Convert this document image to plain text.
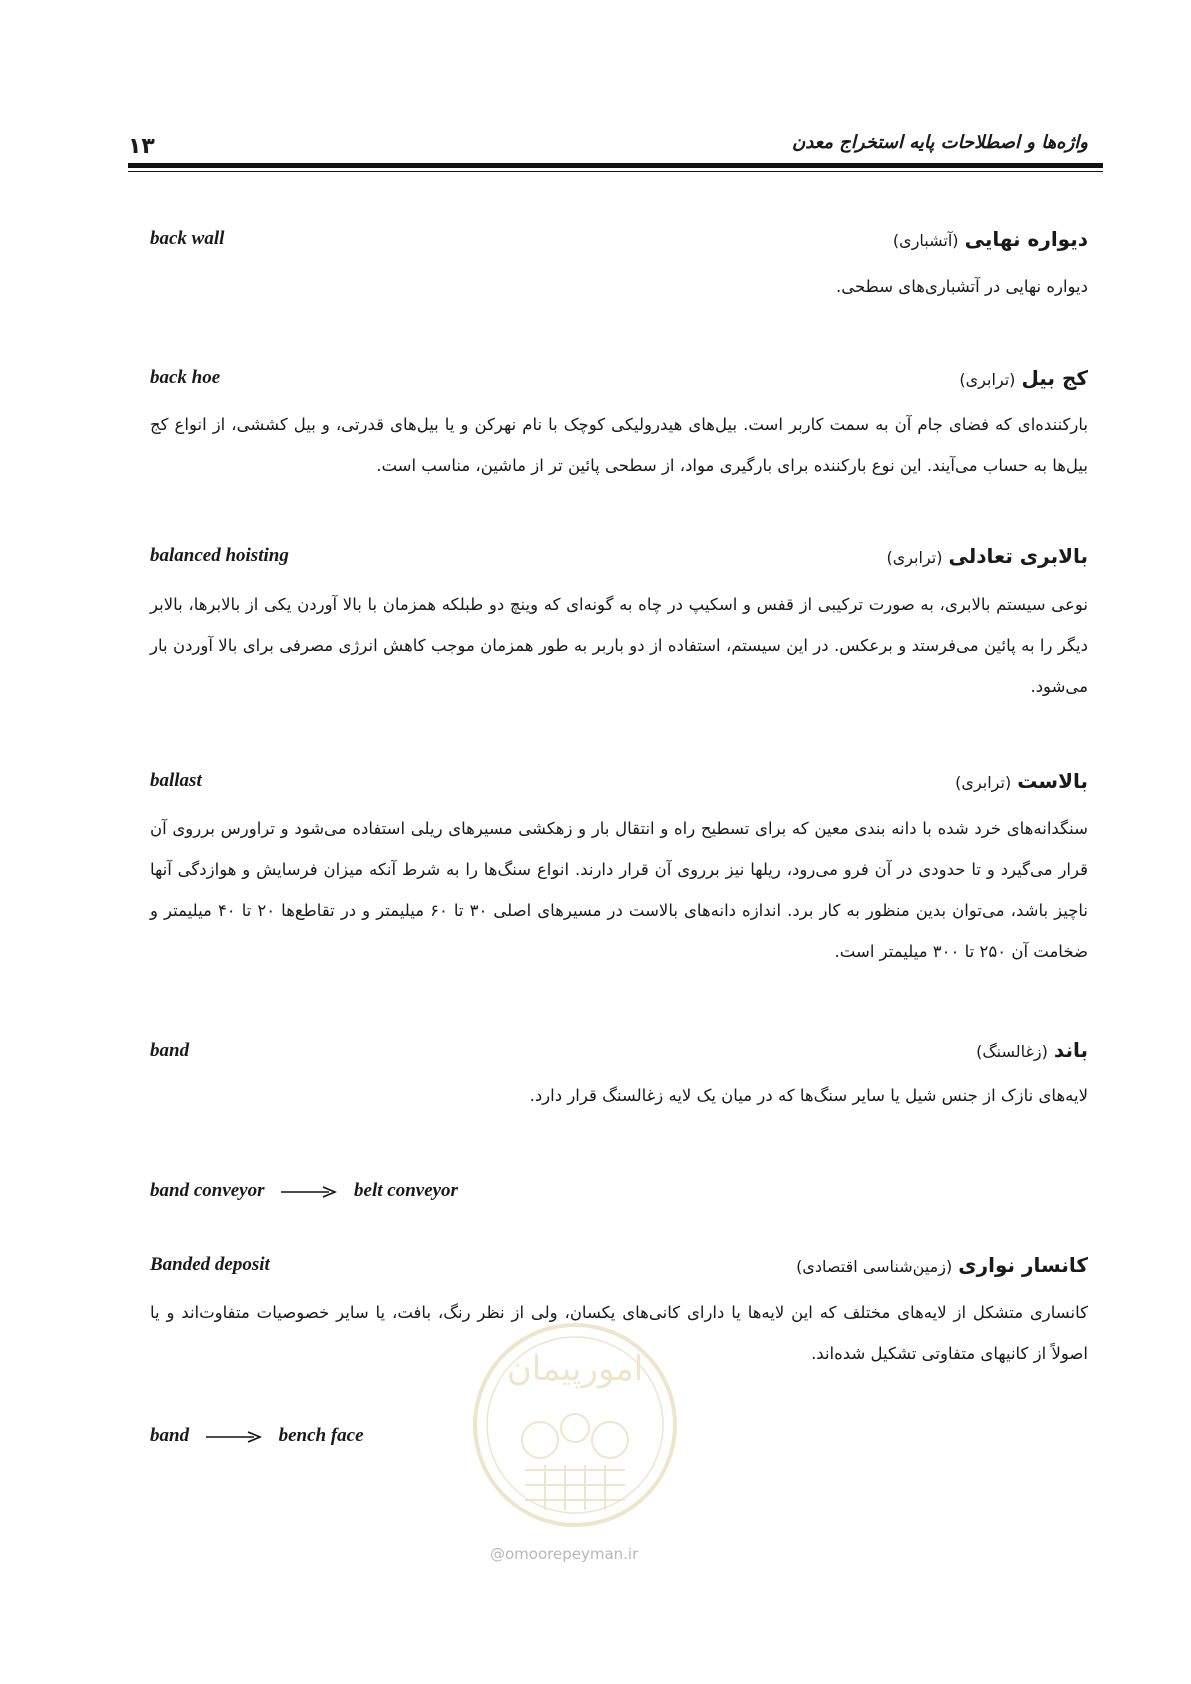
واژه‌ها و اصطلاحات پایه استخراج معدن
۱۳
back wall	دیواره نهایی (آتشباری)
دیواره نهایی در آتشباری‌های سطحی.
back hoe	کج بیل (ترابری)
بارکننده‌ای که فضای جام آن به سمت کاربر است. بیل‌های هیدرولیکی کوچک با نام نهرکن و یا بیل‌های قدرتی، و بیل کششی، از انواع کج بیل‌ها به حساب می‌آیند. این نوع بارکننده برای بارگیری مواد، از سطحی پائین تر از ماشین، مناسب است.
balanced hoisting	بالابری تعادلی (ترابری)
نوعی سیستم بالابری، به صورت ترکیبی از قفس و اسکیپ در چاه به گونه‌ای که وینچ دو طبلکه همزمان با بالا آوردن یکی از بالابرها، بالابر دیگر را به پائین می‌فرستد و برعکس. در این سیستم، استفاده از دو باربر به طور همزمان موجب کاهش انرژی مصرفی برای بالا آوردن بار می‌شود.
ballast	بالاست (ترابری)
سنگدانه‌های خرد شده با دانه بندی معین که برای تسطیح راه و انتقال بار و زهکشی مسیرهای ریلی استفاده می‌شود و تراورس برروی آن قرار می‌گیرد و تا حدودی در آن فرو می‌رود، ریلها نیز برروی آن قرار دارند. انواع سنگ‌ها را به شرط آنکه میزان فرسایش و هوازدگی آنها ناچیز باشد، می‌توان بدین منظور به کار برد. اندازه دانه‌های بالاست در مسیرهای اصلی ۳۰ تا ۶۰ میلیمتر و در تقاطع‌ها ۲۰ تا ۴۰ میلیمتر و ضخامت آن ۲۵۰ تا ۳۰۰ میلیمتر است.
band	باند (زغالسنگ)
لایه‌های نازک از جنس شیل یا سایر سنگ‌ها که در میان یک لایه زغالسنگ قرار دارد.
band conveyor	belt conveyor
Banded deposit	کانسار نواری (زمین‌شناسی اقتصادی)
کانساری متشکل از لایه‌های مختلف که این لایه‌ها یا دارای کانی‌های یکسان، ولی از نظر رنگ، بافت، یا سایر خصوصیات متفاوت‌اند و یا اصولاً از کانیهای متفاوتی تشکیل شده‌اند.
band	bench face
امورپیمان
@omoorepeyman.ir
